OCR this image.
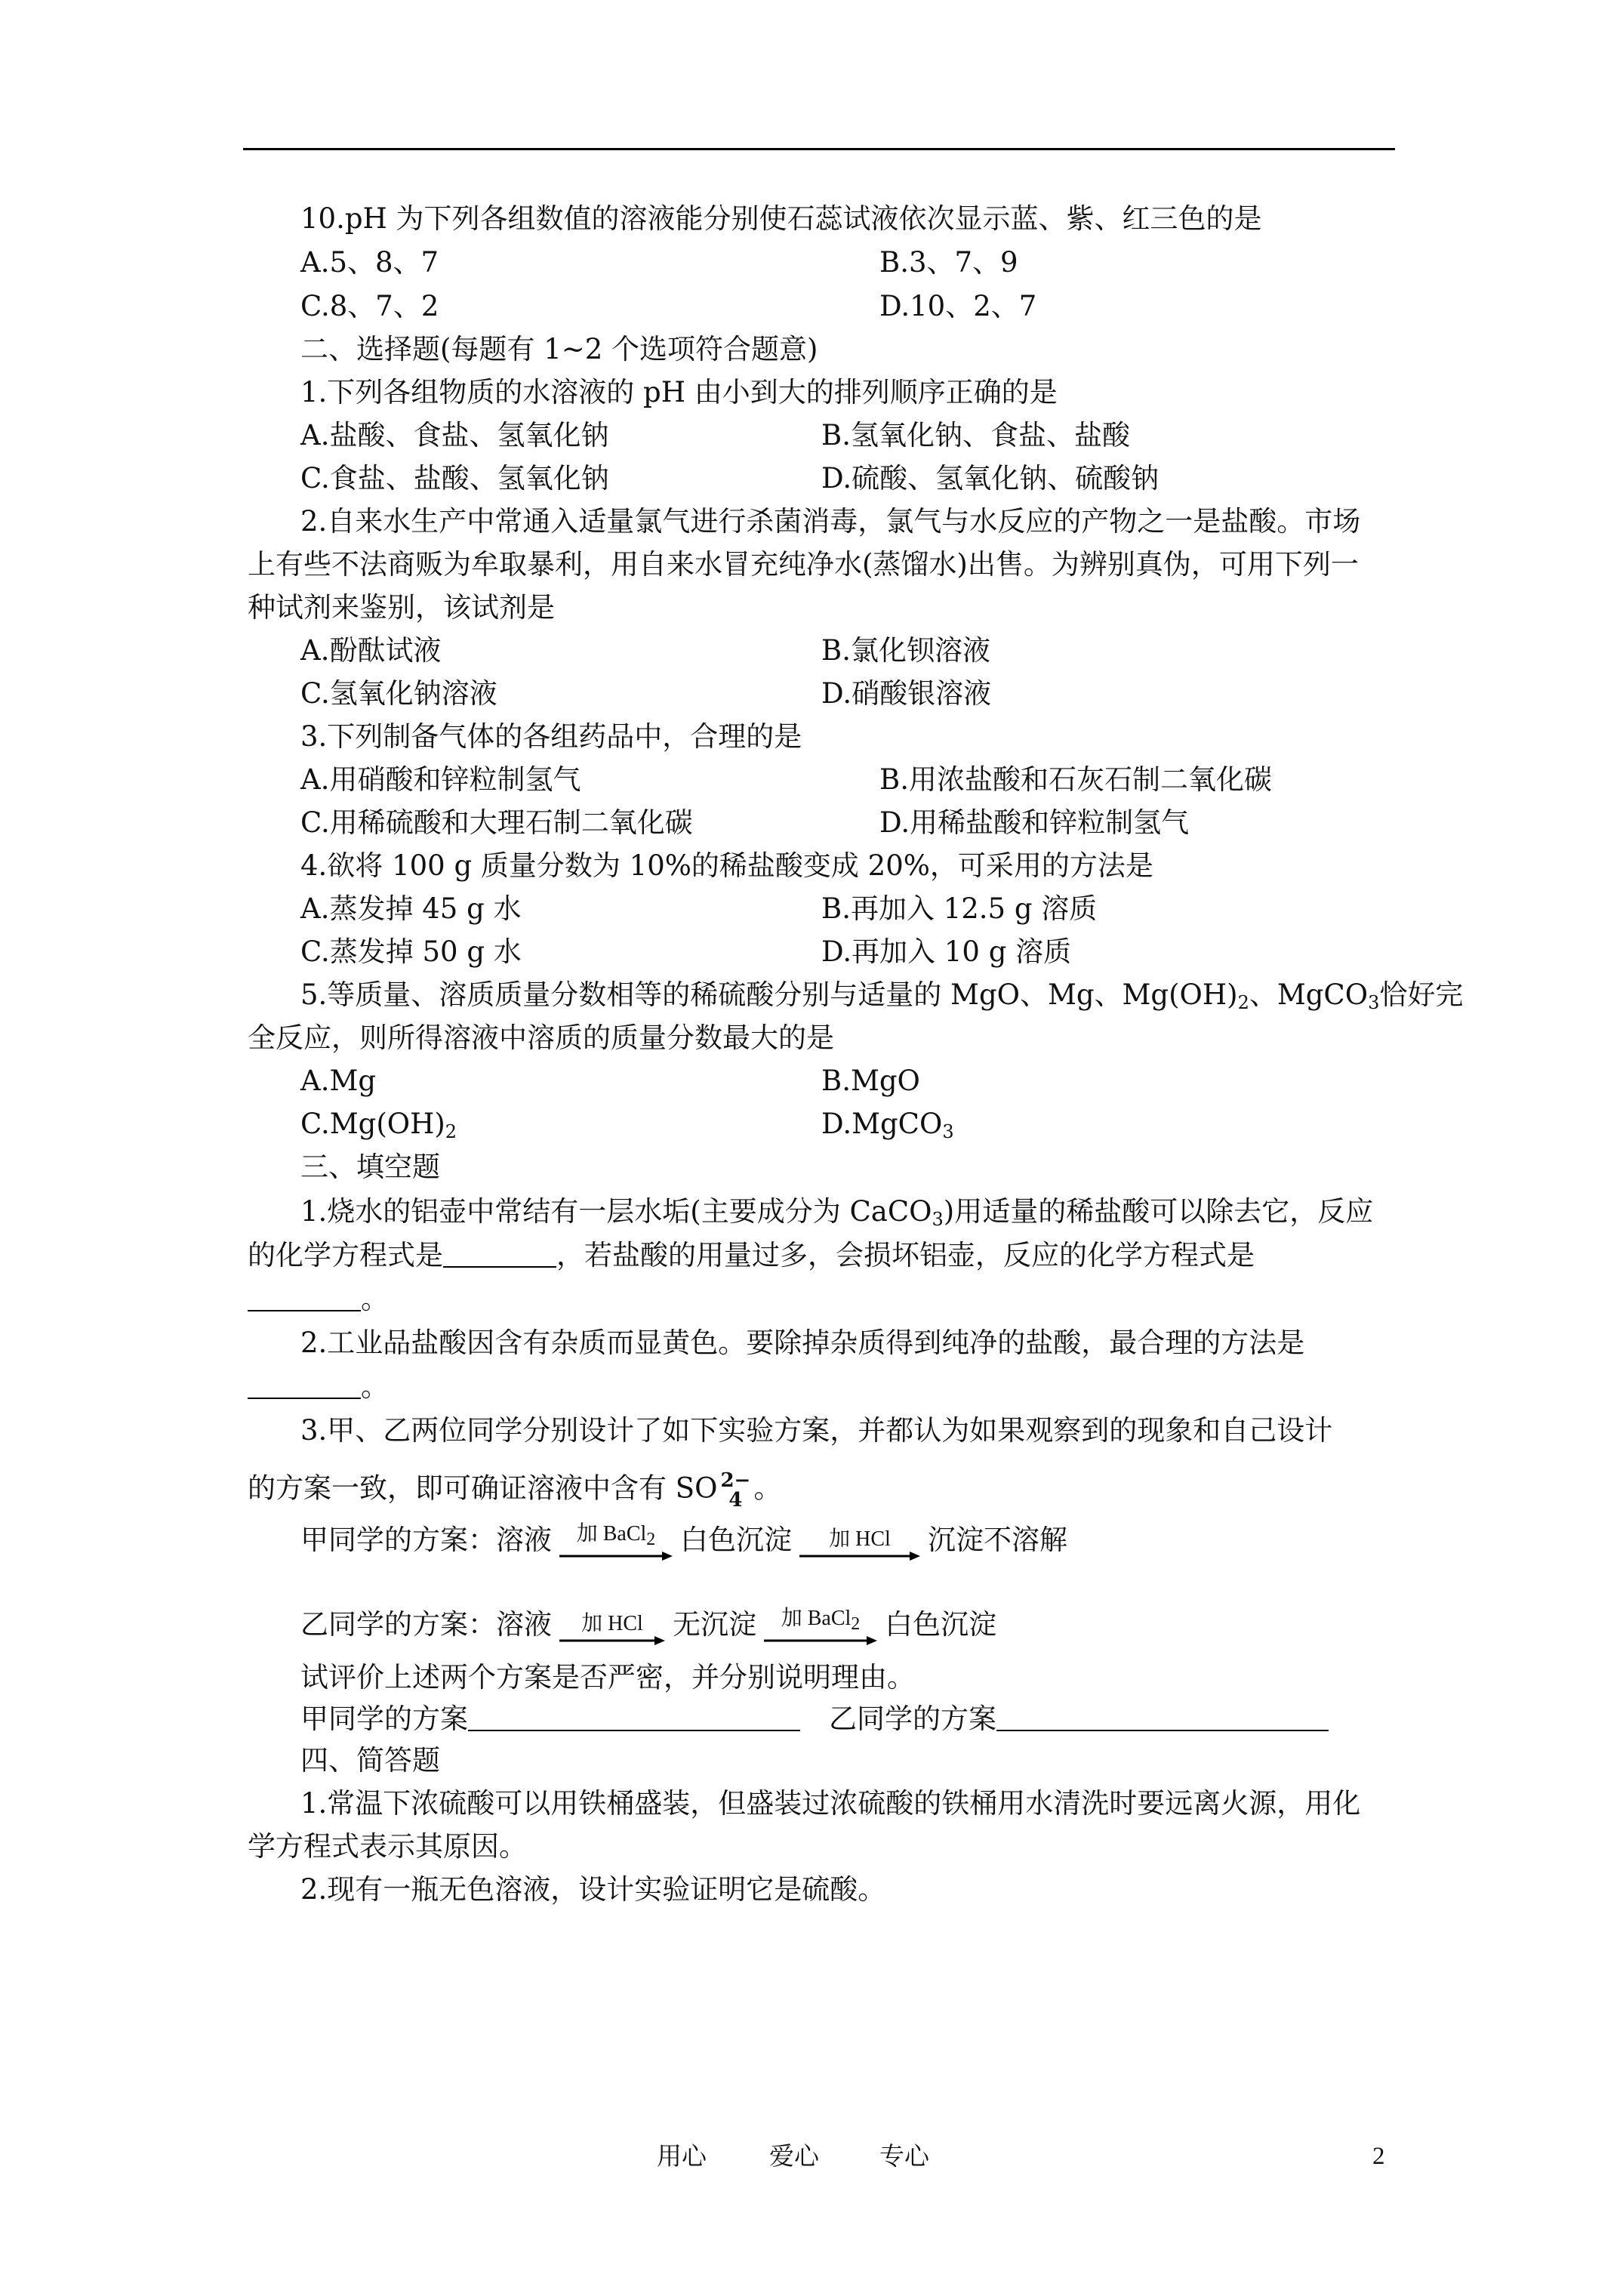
10.pH 为下列各组数值的溶液能分别使石蕊试液依次显示蓝、紫、红三色的是
A.5、8、7	B.3、7、9
C.8、7、2	D.10、2、7
二、选择题(每题有 1~2 个选项符合题意)
1.下列各组物质的水溶液的 pH 由小到大的排列顺序正确的是
A.盐酸、食盐、氢氧化钠	B.氢氧化钠、食盐、盐酸
C.食盐、盐酸、氢氧化钠	D.硫酸、氢氧化钠、硫酸钠
2.自来水生产中常通入适量氯气进行杀菌消毒，氯气与水反应的产物之一是盐酸。市场
上有些不法商贩为牟取暴利，用自来水冒充纯净水(蒸馏水)出售。为辨别真伪，可用下列一
种试剂来鉴别，该试剂是
A.酚酞试液	B.氯化钡溶液
C.氢氧化钠溶液	D.硝酸银溶液
3.下列制备气体的各组药品中，合理的是
A.用硝酸和锌粒制氢气	B.用浓盐酸和石灰石制二氧化碳
C.用稀硫酸和大理石制二氧化碳	D.用稀盐酸和锌粒制氢气
4.欲将 100 g 质量分数为 10%的稀盐酸变成 20%，可采用的方法是
A.蒸发掉 45 g 水	B.再加入 12.5 g 溶质
C.蒸发掉 50 g 水	D.再加入 10 g 溶质
5.等质量、溶质质量分数相等的稀硫酸分别与适量的 MgO、Mg、$Mg(OH)_2$、MgCO$_3$恰好完
全反应，则所得溶液中溶质的质量分数最大的是
A.Mg	B.MgO
$C.Mg(OH)_2$	D.MgCO$_3$
三、填空题
1.烧水的铝壶中常结有一层水垢(主要成分为 CaCO$_3$)用适量的稀盐酸可以除去它，反应
的化学方程式是	，若盐酸的用量过多，会损坏铝壶，反应的化学方程式是
。
2.工业品盐酸因含有杂质而显黄色。要除掉杂质得到纯净的盐酸，最合理的方法是
。
3.甲、乙两位同学分别设计了如下实验方案，并都认为如果观察到的现象和自己设计
的方案一致，即可确证溶液中含有 SO 2−
4 。
甲同学的方案：溶液 加 BaCl$_2$ 白色沉淀 加 HCl 沉淀不溶解
乙同学的方案：溶液 加 HCl 无沉淀 加 BaCl$_2$ 白色沉淀
试评价上述两个方案是否严密，并分别说明理由。
甲同学的方案	乙同学的方案
四、简答题
1.常温下浓硫酸可以用铁桶盛装，但盛装过浓硫酸的铁桶用水清洗时要远离火源，用化
学方程式表示其原因。
2.现有一瓶无色溶液，设计实验证明它是硫酸。
用心	爱心 专心	2
